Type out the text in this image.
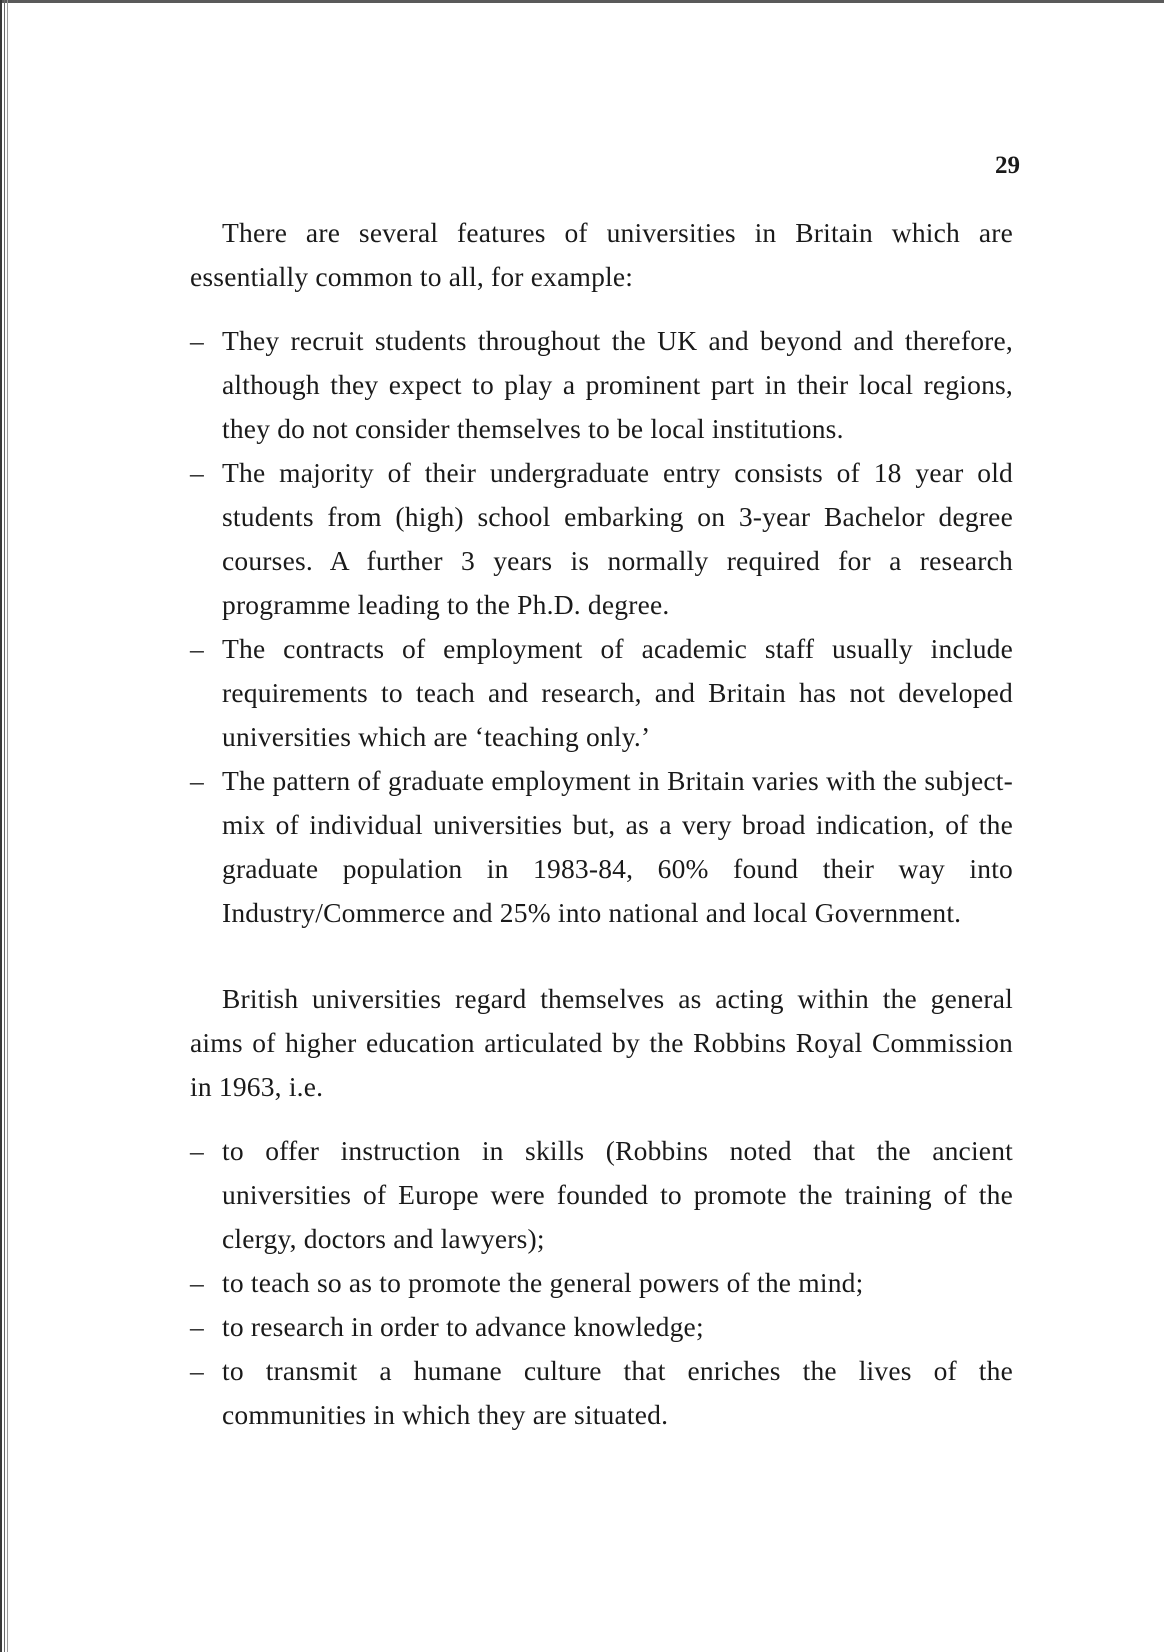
29

There are several features of universities in Britain which are essentially common to all, for example:

– They recruit students throughout the UK and beyond and therefore, although they expect to play a prominent part in their local regions, they do not consider themselves to be local institutions.
– The majority of their undergraduate entry consists of 18 year old students from (high) school embarking on 3-year Bachelor degree courses. A further 3 years is normally required for a research programme leading to the Ph.D. degree.
– The contracts of employment of academic staff usually include requirements to teach and research, and Britain has not developed universities which are ‘teaching only.’
– The pattern of graduate employment in Britain varies with the subject-mix of individual universities but, as a very broad indication, of the graduate population in 1983-84, 60% found their way into Industry/Commerce and 25% into national and local Government.

British universities regard themselves as acting within the general aims of higher education articulated by the Robbins Royal Commission in 1963, i.e.

– to offer instruction in skills (Robbins noted that the ancient universities of Europe were founded to promote the training of the clergy, doctors and lawyers);
– to teach so as to promote the general powers of the mind;
– to research in order to advance knowledge;
– to transmit a humane culture that enriches the lives of the communities in which they are situated.
